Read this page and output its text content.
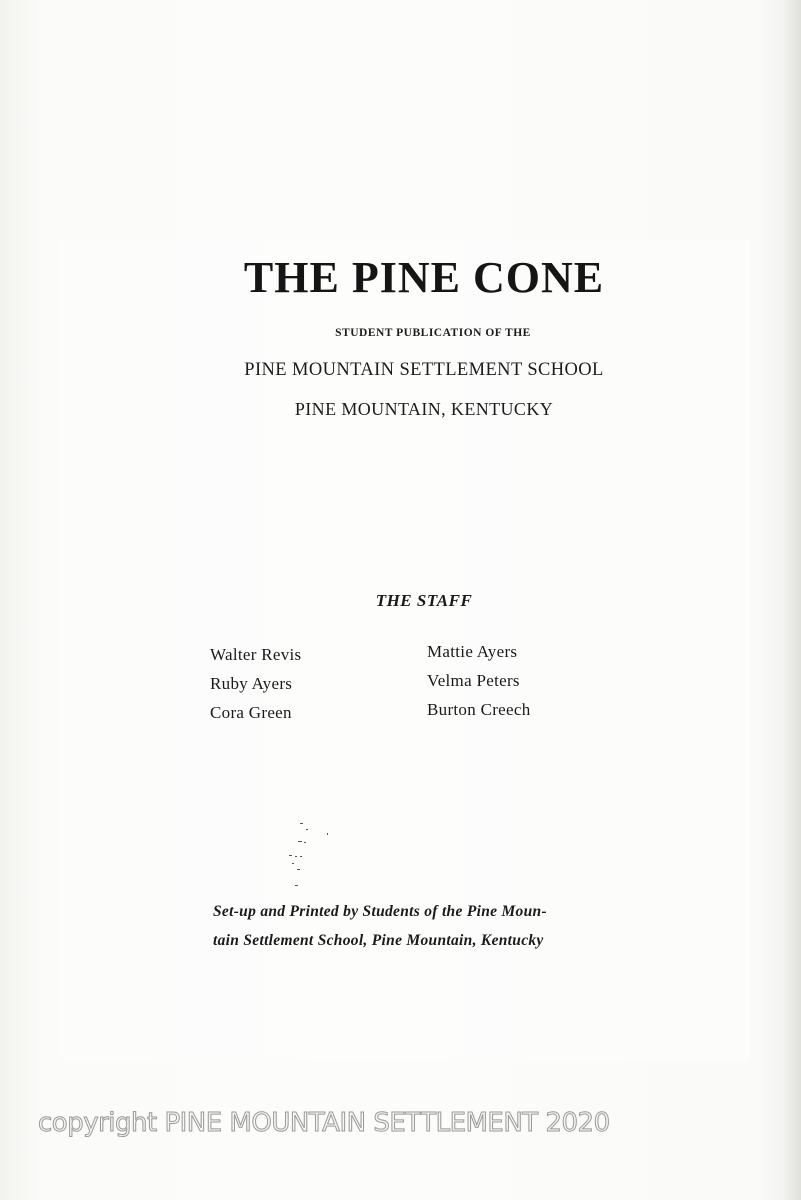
THE PINE CONE
STUDENT PUBLICATION OF THE
PINE MOUNTAIN SETTLEMENT SCHOOL
PINE MOUNTAIN, KENTUCKY
THE STAFF
Walter Revis
Ruby Ayers
Cora Green
Mattie Ayers
Velma Peters
Burton Creech
Set-up and Printed by Students of the Pine Moun-
tain Settlement School, Pine Mountain, Kentucky
copyright PINE MOUNTAIN SETTLEMENT 2020
